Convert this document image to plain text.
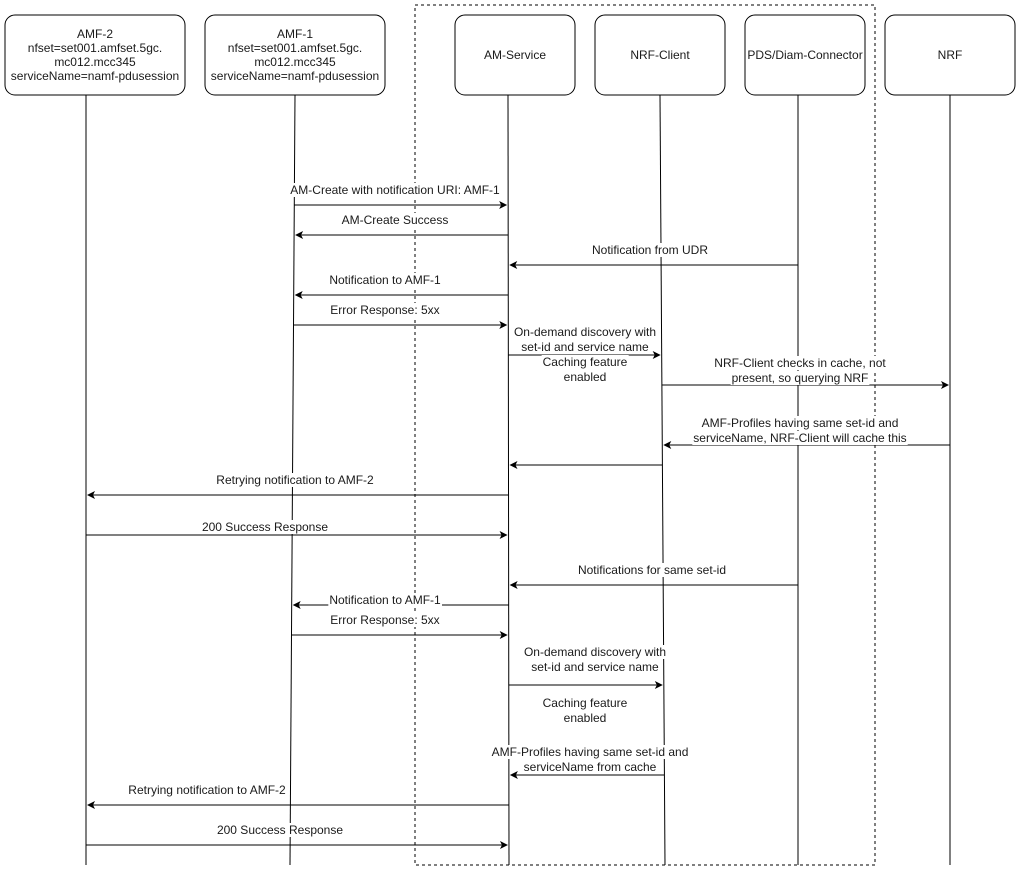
AMF-2
nfset=set001.amfset.5gc.
mc012.mcc345
serviceName=namf-pdusession
AMF-1
nfset=set001.amfset.5gc.
mc012.mcc345
serviceName=namf-pdusession
AM-Service	NRF-Client	PDS/Diam-Connector	NRF
AM-Create with notification URI: AMF-1
AM-Create Success
Notification from UDR
Notification to AMF-1
Error Response: 5xx
On-demand discovery with
set-id and service name
Caching feature
enabled
NRF-Client checks in cache, not
present, so querying NRF
AMF-Profiles having same set-id and
serviceName, NRF-Client will cache this
Retrying notification to AMF-2
200 Success Response
Notifications for same set-id
Notification to AMF-1
Error Response: 5xx
On-demand discovery with
set-id and service name
Caching feature
enabled
AMF-Profiles having same set-id and
serviceName from cache
Retrying notification to AMF-2
200 Success Response
